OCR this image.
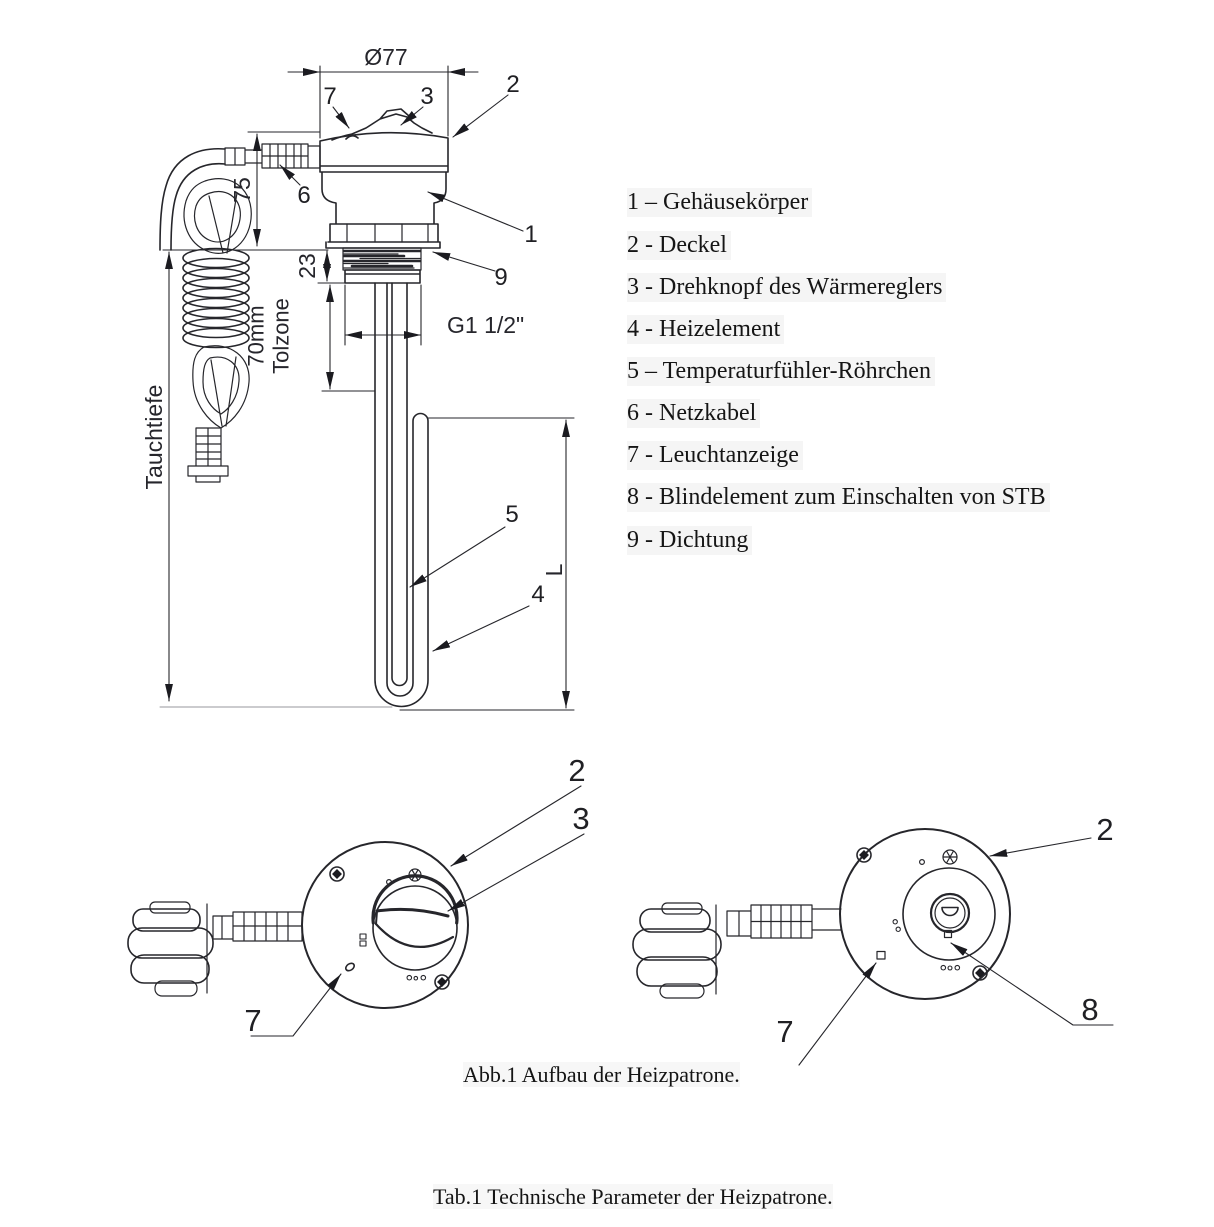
Ø77
75
23
70mm Tolzone	G1 1/2"
Tauchtiefe
L
7	3	2
6
1
9
5
4
2
3
7
2
8
7
1 – Gehäusekörper
2 - Deckel
3 - Drehknopf des Wärmereglers
4 - Heizelement
5 – Temperaturfühler-Röhrchen
6 - Netzkabel
7 - Leuchtanzeige
8 - Blindelement zum Einschalten von STB
9 - Dichtung
Abb.1 Aufbau der Heizpatrone.
Tab.1 Technische Parameter der Heizpatrone.
